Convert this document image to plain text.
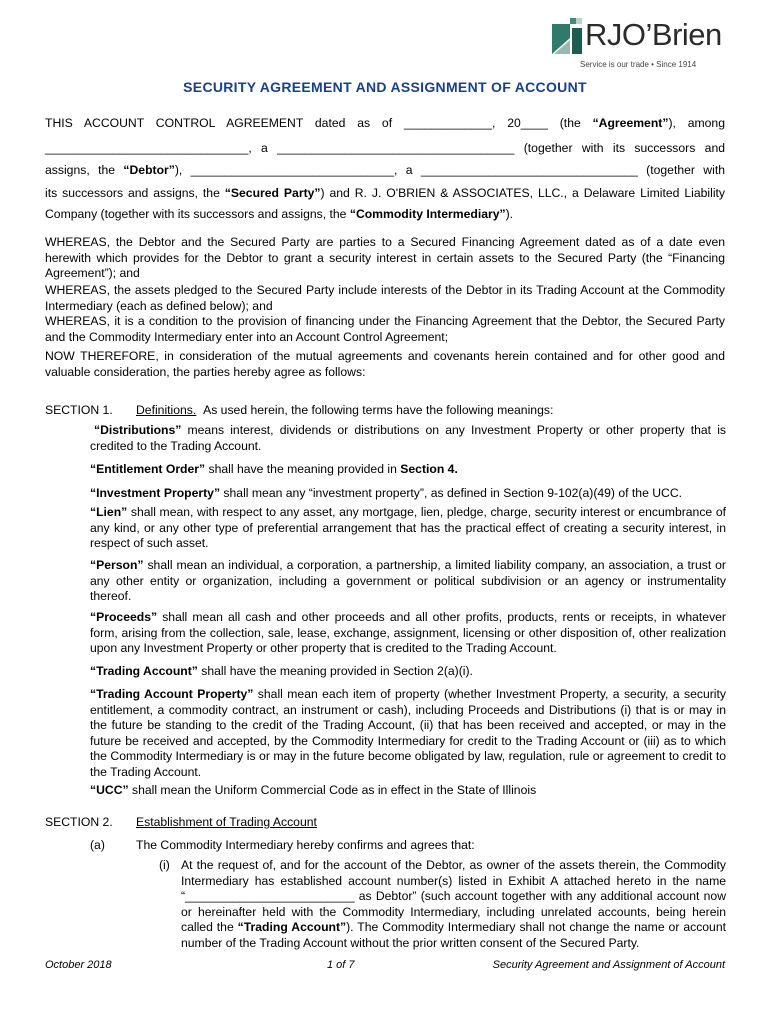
RJO’Brien
Service is our trade • Since 1914
SECURITY AGREEMENT AND ASSIGNMENT OF ACCOUNT
THIS ACCOUNT CONTROL AGREEMENT dated as of _____________, 20____ (the “Agreement”), among
______________________________, a ___________________________________ (together with its successors and
assigns, the “Debtor”), ______________________________, a ________________________________ (together with
its successors and assigns, the “Secured Party”) and R. J. O'BRIEN & ASSOCIATES, LLC., a Delaware Limited Liability
Company (together with its successors and assigns, the “Commodity Intermediary”).
WHEREAS, the Debtor and the Secured Party are parties to a Secured Financing Agreement dated as of a date even herewith which provides for the Debtor to grant a security interest in certain assets to the Secured Party (the “Financing Agreement”); and
WHEREAS, the assets pledged to the Secured Party include interests of the Debtor in its Trading Account at the Commodity Intermediary (each as defined below); and
WHEREAS, it is a condition to the provision of financing under the Financing Agreement that the Debtor, the Secured Party and the Commodity Intermediary enter into an Account Control Agreement;
NOW THEREFORE, in consideration of the mutual agreements and covenants herein contained and for other good and valuable consideration, the parties hereby agree as follows:
SECTION 1. Definitions. As used herein, the following terms have the following meanings:
“Distributions” means interest, dividends or distributions on any Investment Property or other property that is credited to the Trading Account.
“Entitlement Order” shall have the meaning provided in Section 4.
“Investment Property” shall mean any “investment property”, as defined in Section 9-102(a)(49) of the UCC.
“Lien” shall mean, with respect to any asset, any mortgage, lien, pledge, charge, security interest or encumbrance of any kind, or any other type of preferential arrangement that has the practical effect of creating a security interest, in respect of such asset.
“Person” shall mean an individual, a corporation, a partnership, a limited liability company, an association, a trust or any other entity or organization, including a government or political subdivision or an agency or instrumentality thereof.
“Proceeds” shall mean all cash and other proceeds and all other profits, products, rents or receipts, in whatever form, arising from the collection, sale, lease, exchange, assignment, licensing or other disposition of, other realization upon any Investment Property or other property that is credited to the Trading Account.
“Trading Account” shall have the meaning provided in Section 2(a)(i).
“Trading Account Property” shall mean each item of property (whether Investment Property, a security, a security entitlement, a commodity contract, an instrument or cash), including Proceeds and Distributions (i) that is or may in the future be standing to the credit of the Trading Account, (ii) that has been received and accepted, or may in the future be received and accepted, by the Commodity Intermediary for credit to the Trading Account or (iii) as to which the Commodity Intermediary is or may in the future become obligated by law, regulation, rule or agreement to credit to the Trading Account.
“UCC” shall mean the Uniform Commercial Code as in effect in the State of Illinois
SECTION 2. Establishment of Trading Account
(a)	The Commodity Intermediary hereby confirms and agrees that:
(i) At the request of, and for the account of the Debtor, as owner of the assets therein, the Commodity Intermediary has established account number(s) listed in Exhibit A attached hereto in the name “_________________________ as Debtor” (such account together with any additional account now or hereinafter held with the Commodity Intermediary, including unrelated accounts, being herein called the “Trading Account”). The Commodity Intermediary shall not change the name or account number of the Trading Account without the prior written consent of the Secured Party.
October 2018	1 of 7	Security Agreement and Assignment of Account
